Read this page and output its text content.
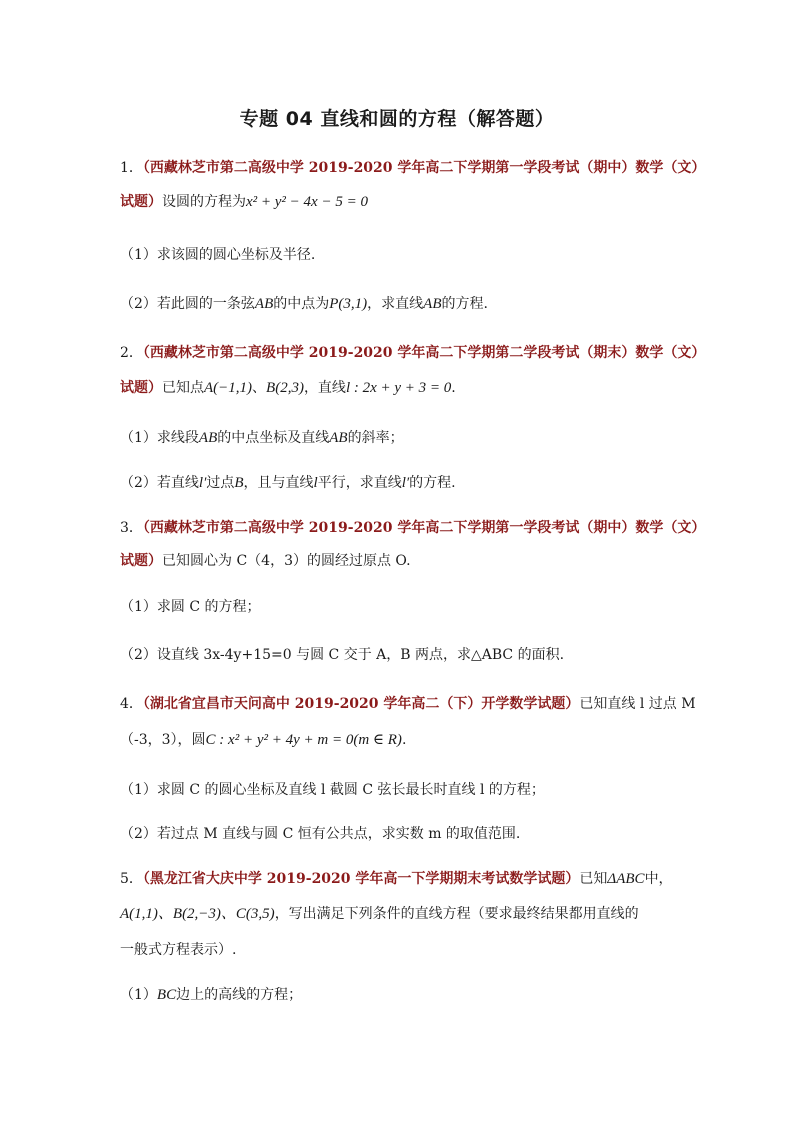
专题 04 直线和圆的方程（解答题）
1．（西藏林芝市第二高级中学 2019-2020 学年高二下学期第一学段考试（期中）数学（文）
试题）设圆的方程为x² + y² − 4x − 5 = 0
（1）求该圆的圆心坐标及半径.
（2）若此圆的一条弦AB的中点为P(3,1)，求直线AB的方程.
2．（西藏林芝市第二高级中学 2019-2020 学年高二下学期第二学段考试（期末）数学（文）
试题）已知点A(−1,1)、B(2,3)，直线l : 2x + y + 3 = 0.
（1）求线段AB的中点坐标及直线AB的斜率；
（2）若直线l′过点B，且与直线l平行，求直线l′的方程.
3．（西藏林芝市第二高级中学 2019-2020 学年高二下学期第一学段考试（期中）数学（文）
试题）已知圆心为 C（4，3）的圆经过原点 O.
（1）求圆 C 的方程；
（2）设直线 3x-4y+15=0 与圆 C 交于 A，B 两点，求△ABC 的面积.
4．（湖北省宜昌市天问高中 2019-2020 学年高二（下）开学数学试题）已知直线 l 过点 M
（-3，3），圆C : x² + y² + 4y + m = 0(m ∈ R).
（1）求圆 C 的圆心坐标及直线 l 截圆 C 弦长最长时直线 l 的方程；
（2）若过点 M 直线与圆 C 恒有公共点，求实数 m 的取值范围.
5．（黑龙江省大庆中学 2019-2020 学年高一下学期期末考试数学试题）已知ΔABC中，
A(1,1)、B(2,−3)、C(3,5)，写出满足下列条件的直线方程（要求最终结果都用直线的
一般式方程表示）.
（1）BC边上的高线的方程；
